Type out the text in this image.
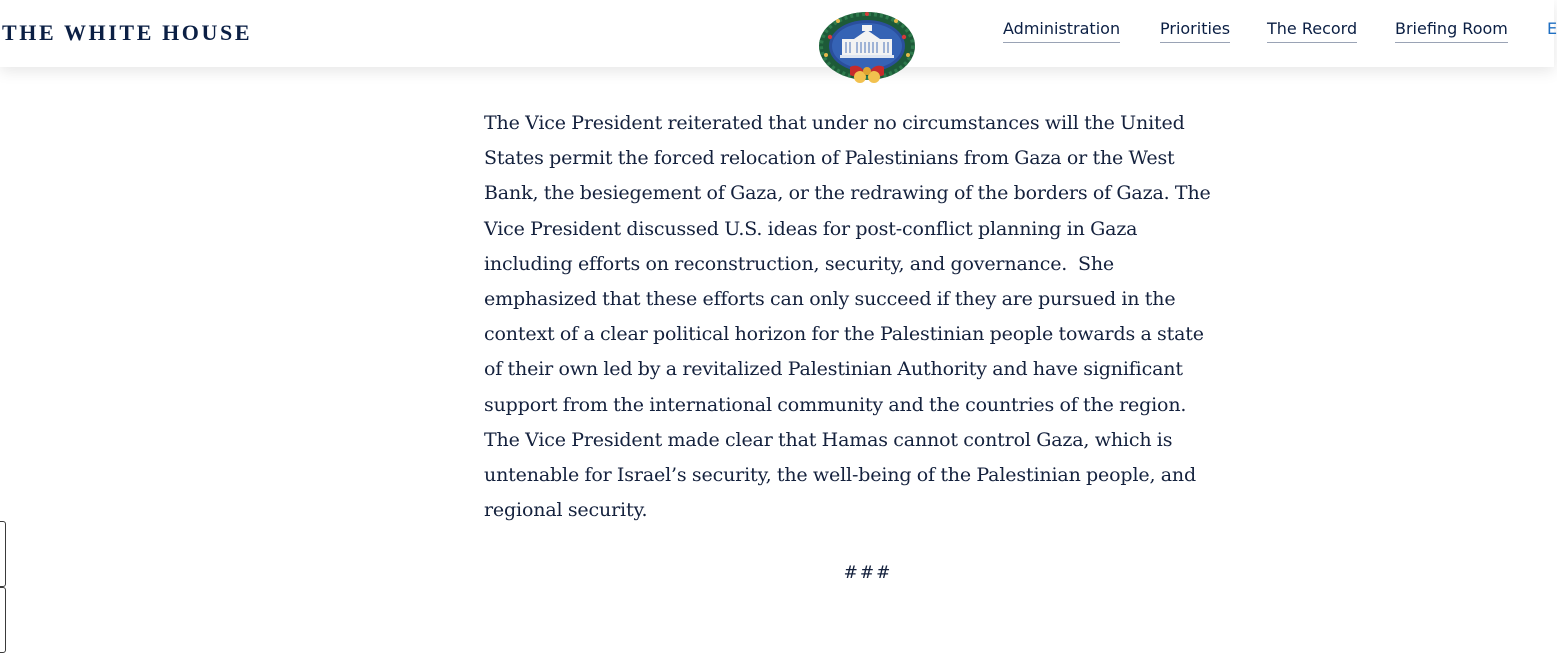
THE WHITE HOUSE	Administration Priorities The Record Briefing Room E

The Vice President reiterated that under no circumstances will the United
States permit the forced relocation of Palestinians from Gaza or the West
Bank, the besiegement of Gaza, or the redrawing of the borders of Gaza. The
Vice President discussed U.S. ideas for post-conflict planning in Gaza
including efforts on reconstruction, security, and governance.  She
emphasized that these efforts can only succeed if they are pursued in the
context of a clear political horizon for the Palestinian people towards a state
of their own led by a revitalized Palestinian Authority and have significant
support from the international community and the countries of the region.
The Vice President made clear that Hamas cannot control Gaza, which is
untenable for Israel’s security, the well-being of the Palestinian people, and
regional security.

###
